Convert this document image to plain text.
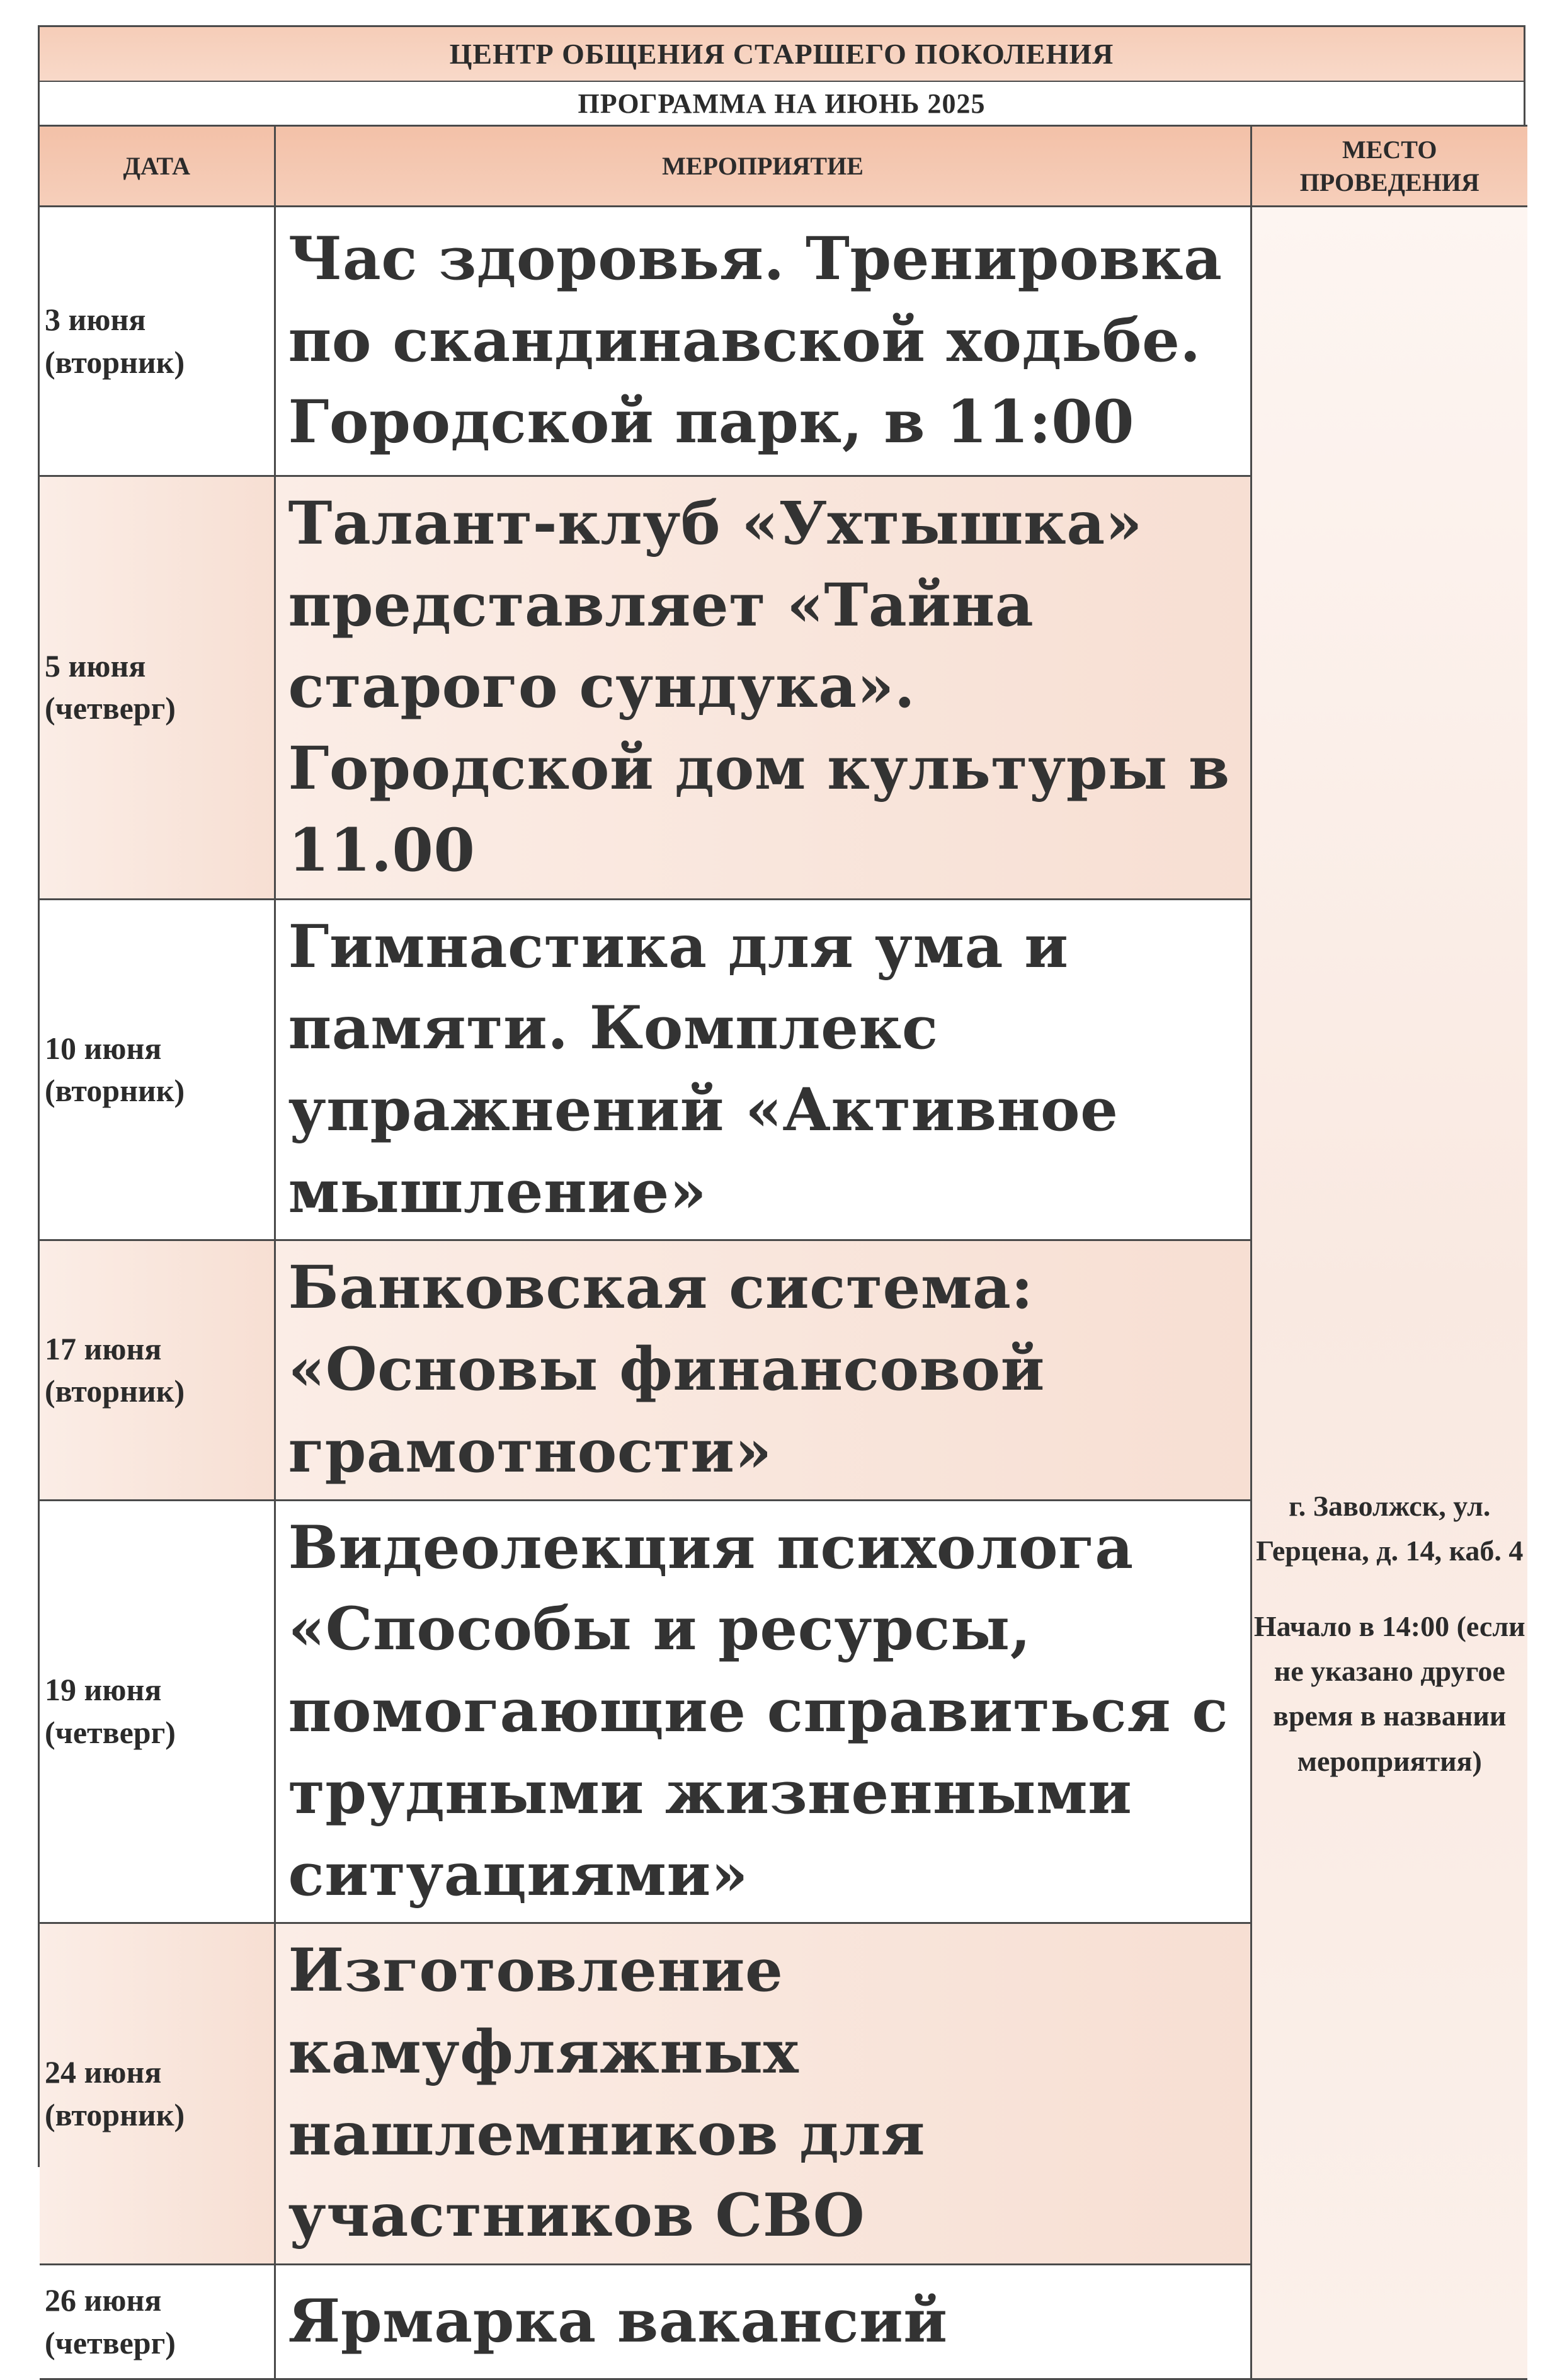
ЦЕНТР ОБЩЕНИЯ СТАРШЕГО ПОКОЛЕНИЯ
ПРОГРАММА НА ИЮНЬ 2025
ДАТА	МЕРОПРИЯТИЕ	МЕСТО ПРОВЕДЕНИЯ
3 июня (вторник)	Час здоровья. Тренировка по скандинавской ходьбе. Городской парк, в 11:00	г. Заволжск, ул. Герцена, д. 14, каб. 4
Начало в 14:00 (если не указано другое время в названии мероприятия)

5 июня (четверг)	Талант-клуб «Ухтышка» представляет «Тайна старого сундука». Городской дом культуры в 11.00	
10 июня (вторник)	Гимнастика для ума и памяти. Комплекс упражнений «Активное мышление»	
17 июня (вторник)	Банковская система: «Основы финансовой грамотности»	
19 июня (четверг)	Видеолекция психолога «Способы и ресурсы, помогающие справиться с трудными жизненными ситуациями»	
24 июня (вторник)	Изготовление камуфляжных нашлемников для участников СВО	
26 июня (четверг)	Ярмарка вакансий	
